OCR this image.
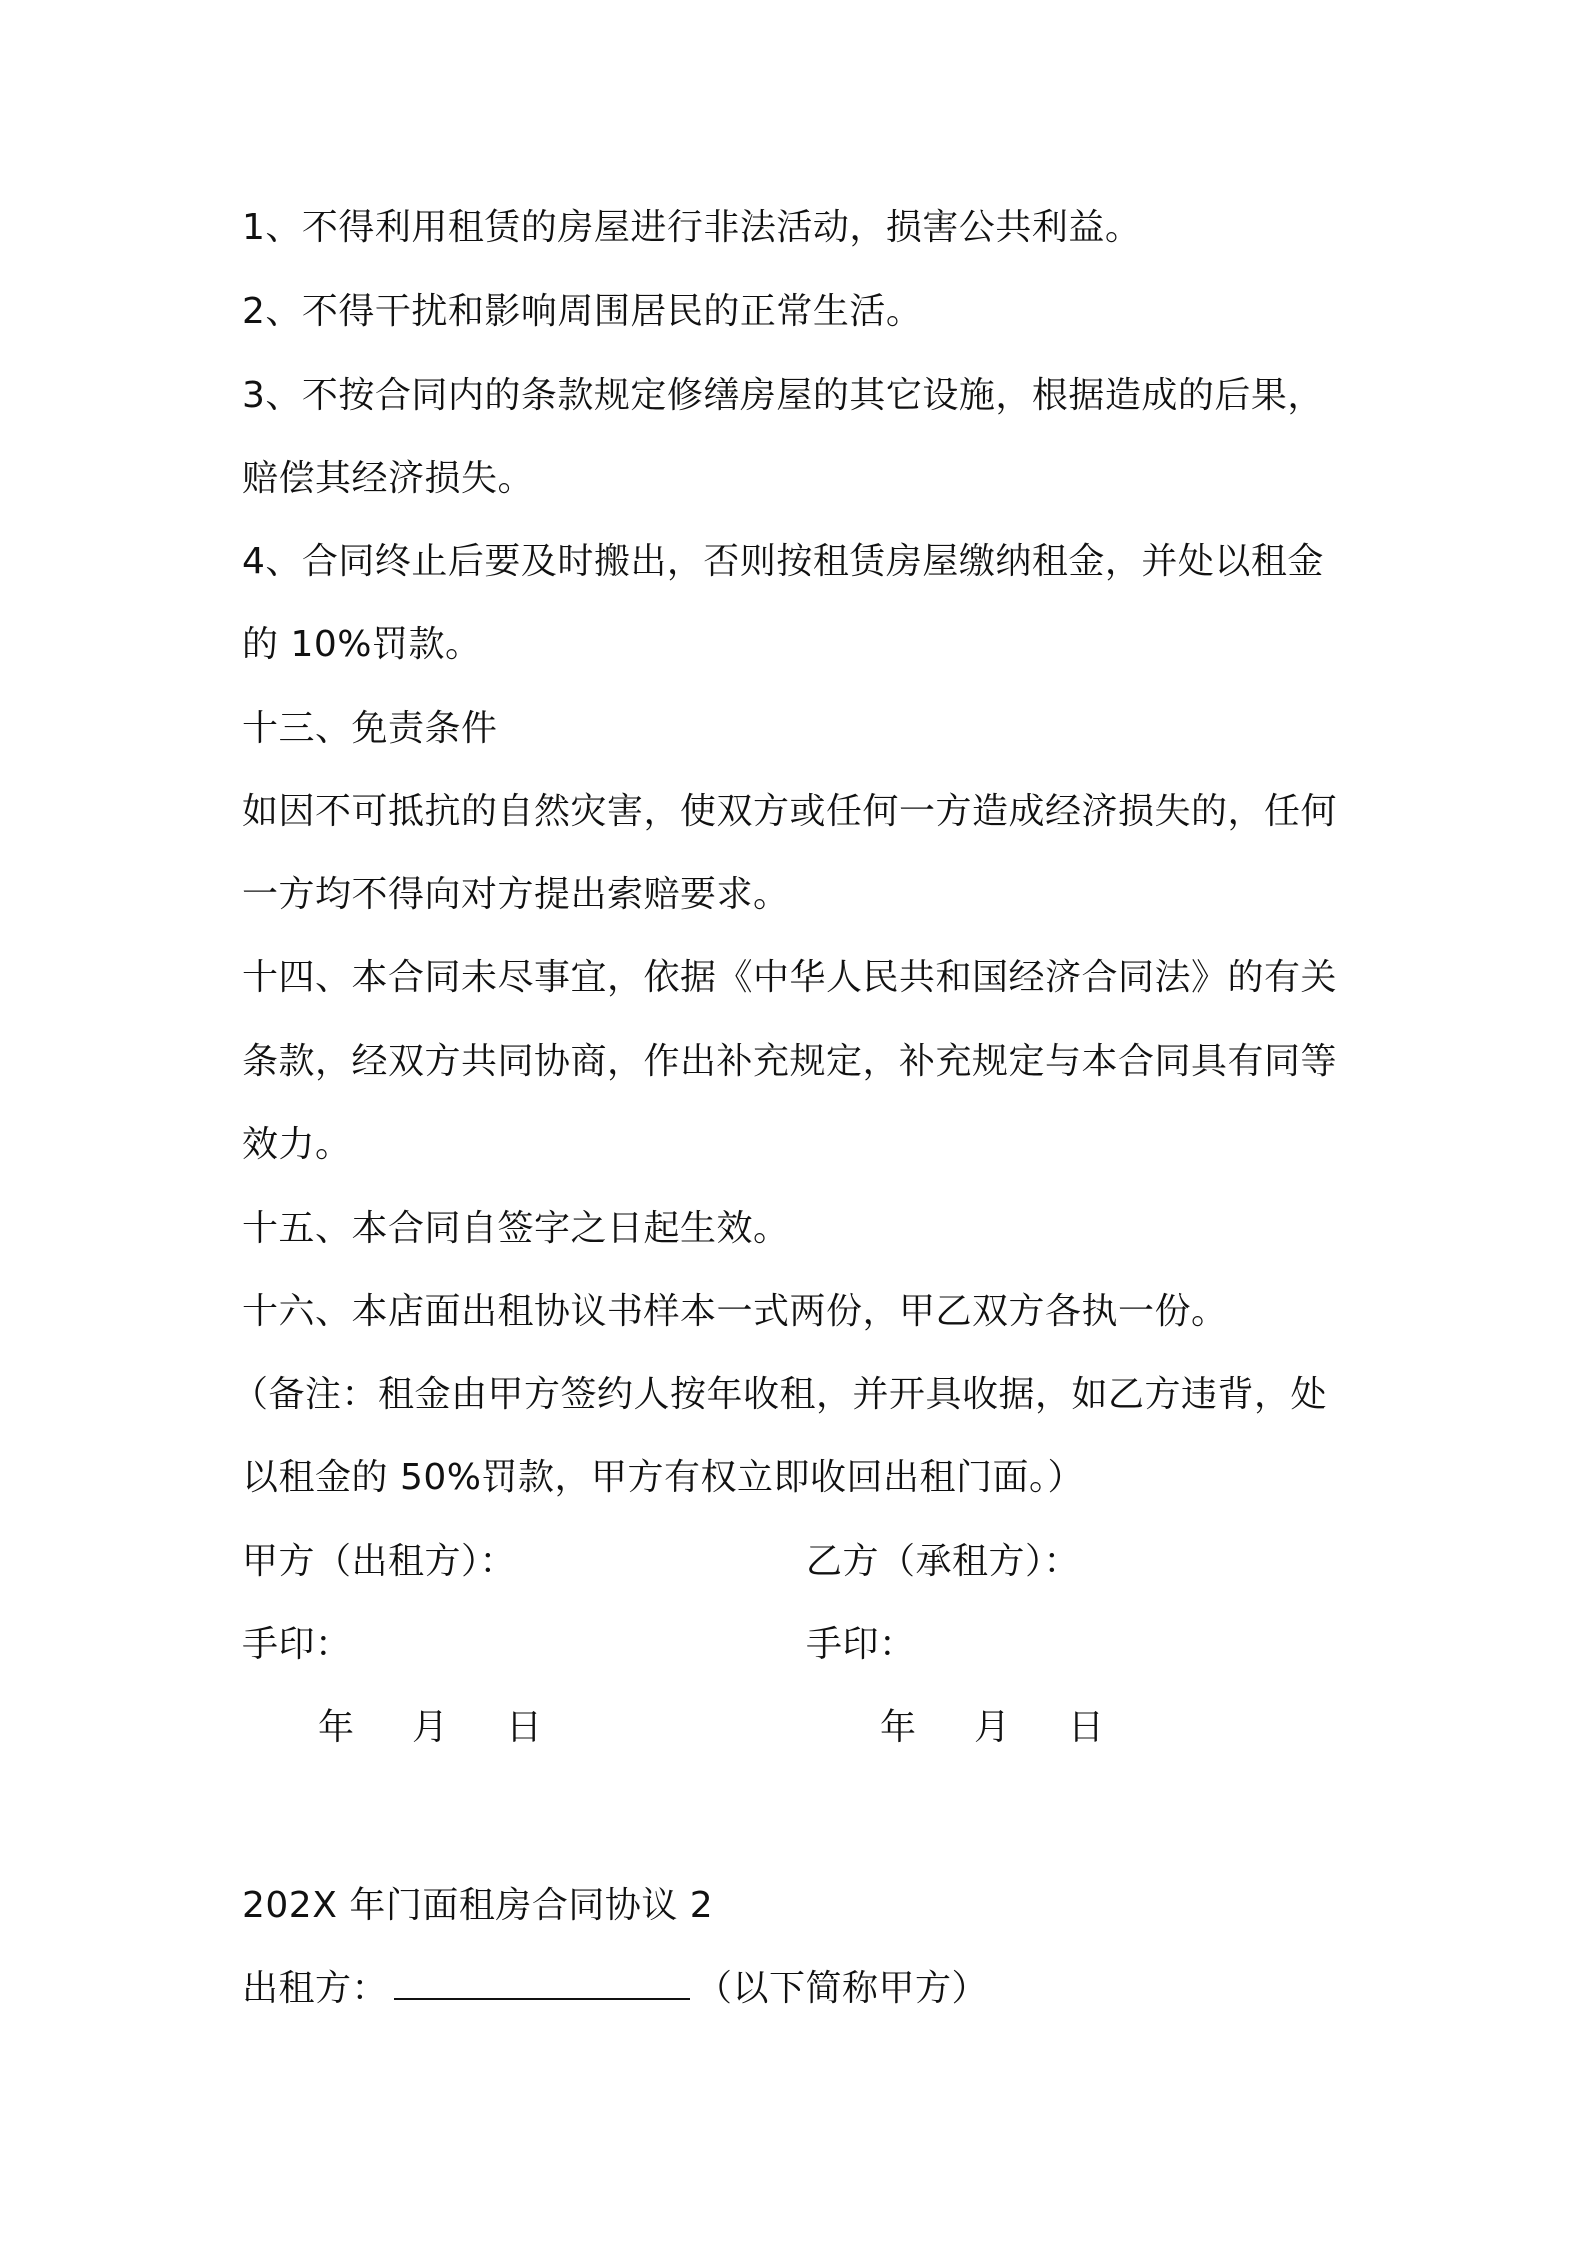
1、不得利用租赁的房屋进行非法活动，损害公共利益。
2、不得干扰和影响周围居民的正常生活。
3、不按合同内的条款规定修缮房屋的其它设施，根据造成的后果，
赔偿其经济损失。
4、合同终止后要及时搬出，否则按租赁房屋缴纳租金，并处以租金
的 10%罚款。
十三、免责条件
如因不可抵抗的自然灾害，使双方或任何一方造成经济损失的，任何
一方均不得向对方提出索赔要求。
十四、本合同未尽事宜，依据《中华人民共和国经济合同法》的有关
条款，经双方共同协商，作出补充规定，补充规定与本合同具有同等
效力。
十五、本合同自签字之日起生效。
十六、本店面出租协议书样本一式两份，甲乙双方各执一份。
（备注：租金由甲方签约人按年收租，并开具收据，如乙方违背，处
以租金的 50%罚款，甲方有权立即收回出租门面。）
甲方（出租方）：	乙方（承租方）：
手印：	手印：
年 月 日	年 月 日
202X 年门面租房合同协议 2
出租方：	（以下简称甲方）
